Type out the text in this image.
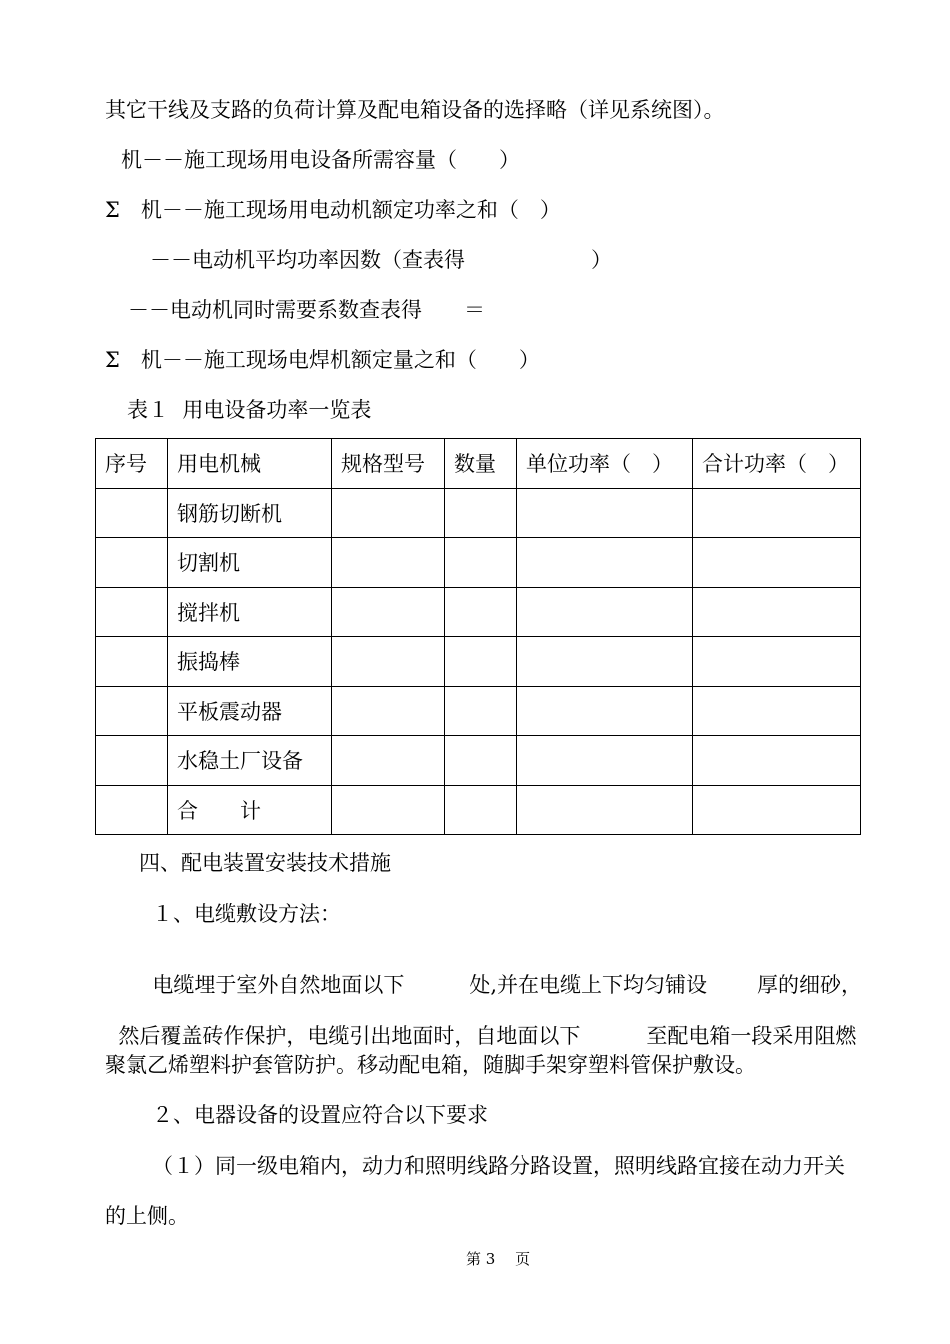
其它干线及支路的负荷计算及配电箱设备的选择略（详见系统图）。
机－－施工现场用电设备所需容量（　　）
Σ　机－－施工现场用电动机额定功率之和（　）
－－电动机平均功率因数（查表得　　　　　　）
－－电动机同时需要系数查表得　　＝
Σ　机－－施工现场电焊机额定量之和（　　）
表１  用电设备功率一览表
序号	用电机械	规格型号	数量	单位功率（　）	合计功率（　）
	钢筋切断机				
	切割机				
	搅拌机				
	振捣棒				
	平板震动器				
	水稳土厂设备				
	合　　计				
四、配电装置安装技术措施
１、电缆敷设方法：

电缆埋于室外自然地面以下	处,并在电缆上下均匀铺设 厚的细砂，

然后覆盖砖作保护，电缆引出地面时，自地面以下	至配电箱一段采用阻燃

聚氯乙烯塑料护套管防护。移动配电箱，随脚手架穿塑料管保护敷设。
２、电器设备的设置应符合以下要求
（１）同一级电箱内，动力和照明线路分路设置，照明线路宜接在动力开关
的上侧。
第 3　 页
